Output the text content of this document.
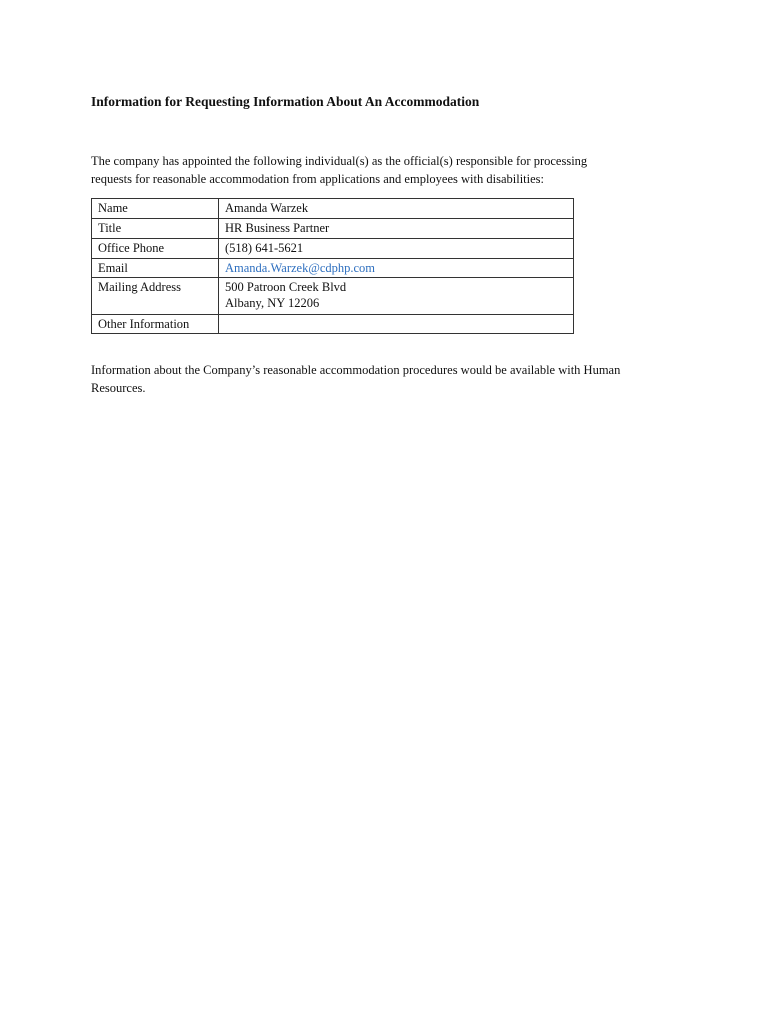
Information for Requesting Information About An Accommodation

The company has appointed the following individual(s) as the official(s) responsible for processing
requests for reasonable accommodation from applications and employees with disabilities:

Name	Amanda Warzek
Title	HR Business Partner
Office Phone	(518) 641-5621
Email	Amanda.Warzek@cdphp.com
Mailing Address	500 Patroon Creek Blvd
Albany, NY 12206

Other Information	

Information about the Company’s reasonable accommodation procedures would be available with Human
Resources.
